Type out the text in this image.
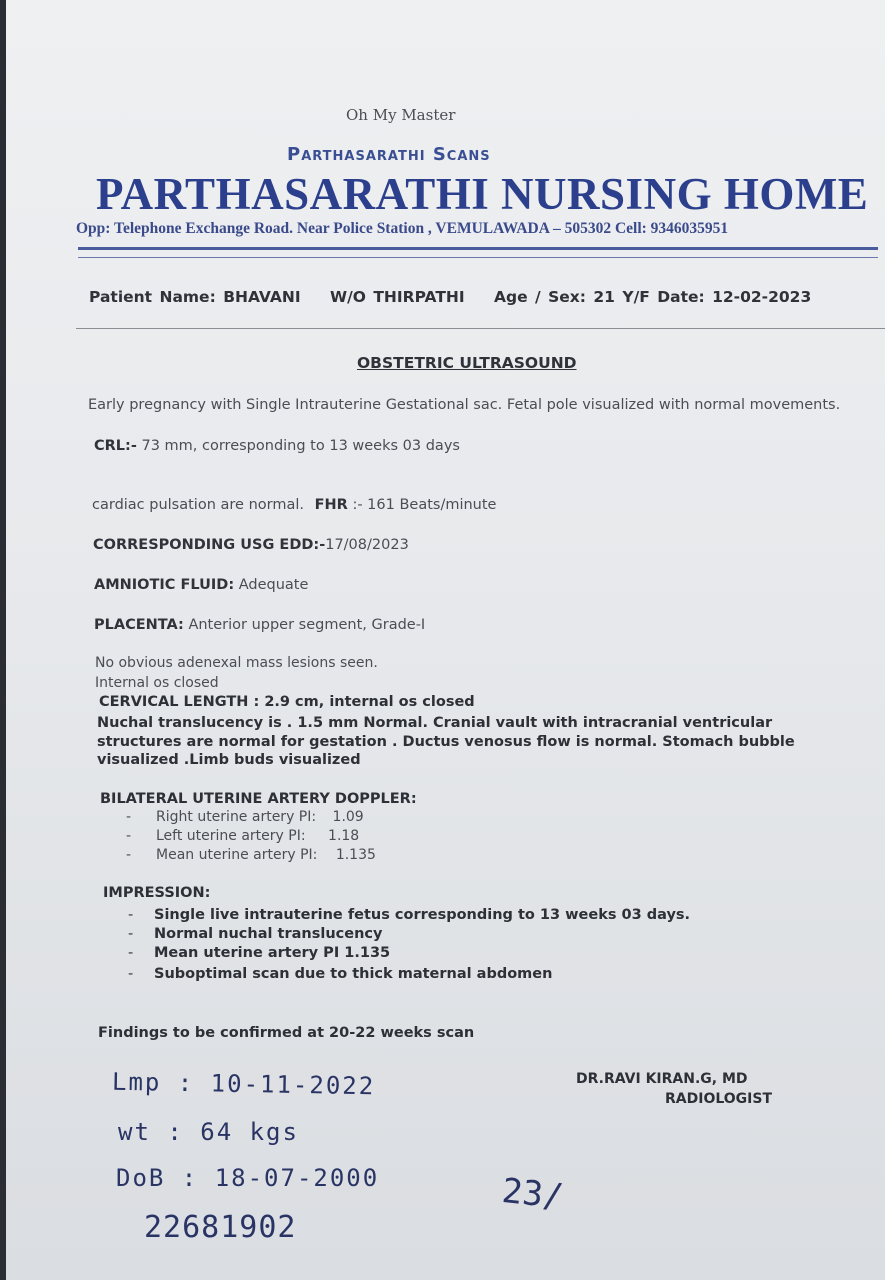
Oh My Master
Parthasarathi Scans
PARTHASARATHI NURSING HOME
Opp: Telephone Exchange Road. Near Police Station , VEMULAWADA – 505302 Cell: 9346035951
Patient Name: BHAVANI W/O THIRPATHI Age / Sex: 21 Y/F Date: 12-02-2023
OBSTETRIC ULTRASOUND
Early pregnancy with Single Intrauterine Gestational sac. Fetal pole visualized with normal movements.
CRL:- 73 mm, corresponding to 13 weeks 03 days
cardiac pulsation are normal. FHR :- 161 Beats/minute
CORRESPONDING USG EDD:-17/08/2023
AMNIOTIC FLUID: Adequate
PLACENTA: Anterior upper segment, Grade-I
No obvious adenexal mass lesions seen.
Internal os closed
CERVICAL LENGTH : 2.9 cm, internal os closed
Nuchal translucency is . 1.5 mm Normal. Cranial vault with intracranial ventricular
structures are normal for gestation . Ductus venosus flow is normal. Stomach bubble
visualized .Limb buds visualized
BILATERAL UTERINE ARTERY DOPPLER:
- Right uterine artery PI: 1.09
- Left uterine artery PI: 1.18
- Mean uterine artery PI: 1.135
IMPRESSION:
- Single live intrauterine fetus corresponding to 13 weeks 03 days.
- Normal nuchal translucency
- Mean uterine artery PI 1.135
- Suboptimal scan due to thick maternal abdomen
Findings to be confirmed at 20-22 weeks scan
DR.RAVI KIRAN.G, MD
RADIOLOGIST
Lmp : 10-11-2022
wt : 64 kgs
DoB : 18-07-2000
22681902
23/
